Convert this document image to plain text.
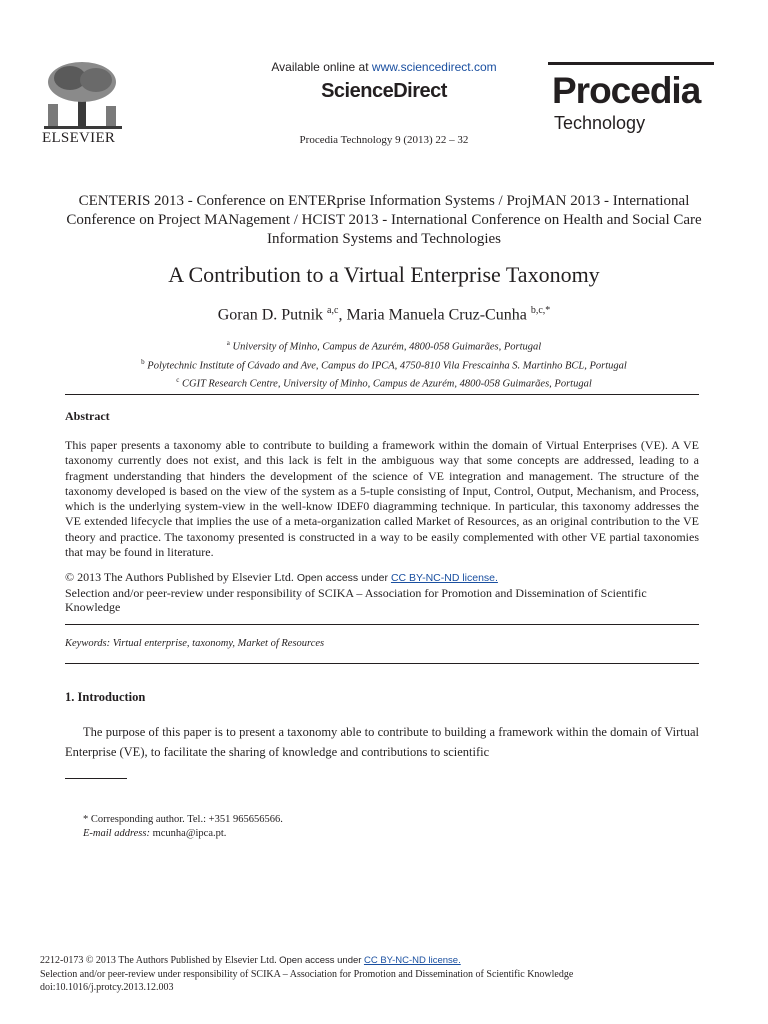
ELSEVIER
Available online at www.sciencedirect.com
ScienceDirect
Procedia Technology 9 (2013) 22 – 32
Procedia
Technology
CENTERIS 2013 - Conference on ENTERprise Information Systems / ProjMAN 2013 - International Conference on Project MANagement / HCIST 2013 - International Conference on Health and Social Care Information Systems and Technologies
A Contribution to a Virtual Enterprise Taxonomy
Goran D. Putnik $^{a,c}$, Maria Manuela Cruz-Cunha $^{b,c,*}$
$^a$ University of Minho, Campus de Azurém, 4800-058 Guimarães, Portugal
$^b$ Polytechnic Institute of Cávado and Ave, Campus do IPCA, 4750-810 Vila Frescainha S. Martinho BCL, Portugal
$^c$ CGIT Research Centre, University of Minho, Campus de Azurém, 4800-058 Guimarães, Portugal
Abstract
This paper presents a taxonomy able to contribute to building a framework within the domain of Virtual Enterprises (VE). A VE taxonomy currently does not exist, and this lack is felt in the ambiguous way that some concepts are addressed, leading to a fragment understanding that hinders the development of the science of VE integration and management. The structure of the taxonomy developed is based on the view of the system as a 5-tuple consisting of Input, Control, Output, Mechanism, and Process, which is the underlying system-view in the well-know IDEF0 diagramming technique. In particular, this taxonomy addresses the VE extended lifecycle that implies the use of a meta-organization called Market of Resources, as an original contribution to the VE theory and practice. The taxonomy presented is constructed in a way to be easily complemented with other VE partial taxonomies that may be found in literature.
© 2013 The Authors Published by Elsevier Ltd. Open access under CC BY-NC-ND license.
Selection and/or peer-review under responsibility of SCIKA – Association for Promotion and Dissemination of Scientific Knowledge
Keywords: Virtual enterprise, taxonomy, Market of Resources
1. Introduction
The purpose of this paper is to present a taxonomy able to contribute to building a framework within the domain of Virtual Enterprise (VE), to facilitate the sharing of knowledge and contributions to scientific
* Corresponding author. Tel.: +351 965656566.
E-mail address: mcunha@ipca.pt.
2212-0173 © 2013 The Authors Published by Elsevier Ltd. Open access under CC BY-NC-ND license.
Selection and/or peer-review under responsibility of SCIKA – Association for Promotion and Dissemination of Scientific Knowledge
doi:10.1016/j.protcy.2013.12.003
